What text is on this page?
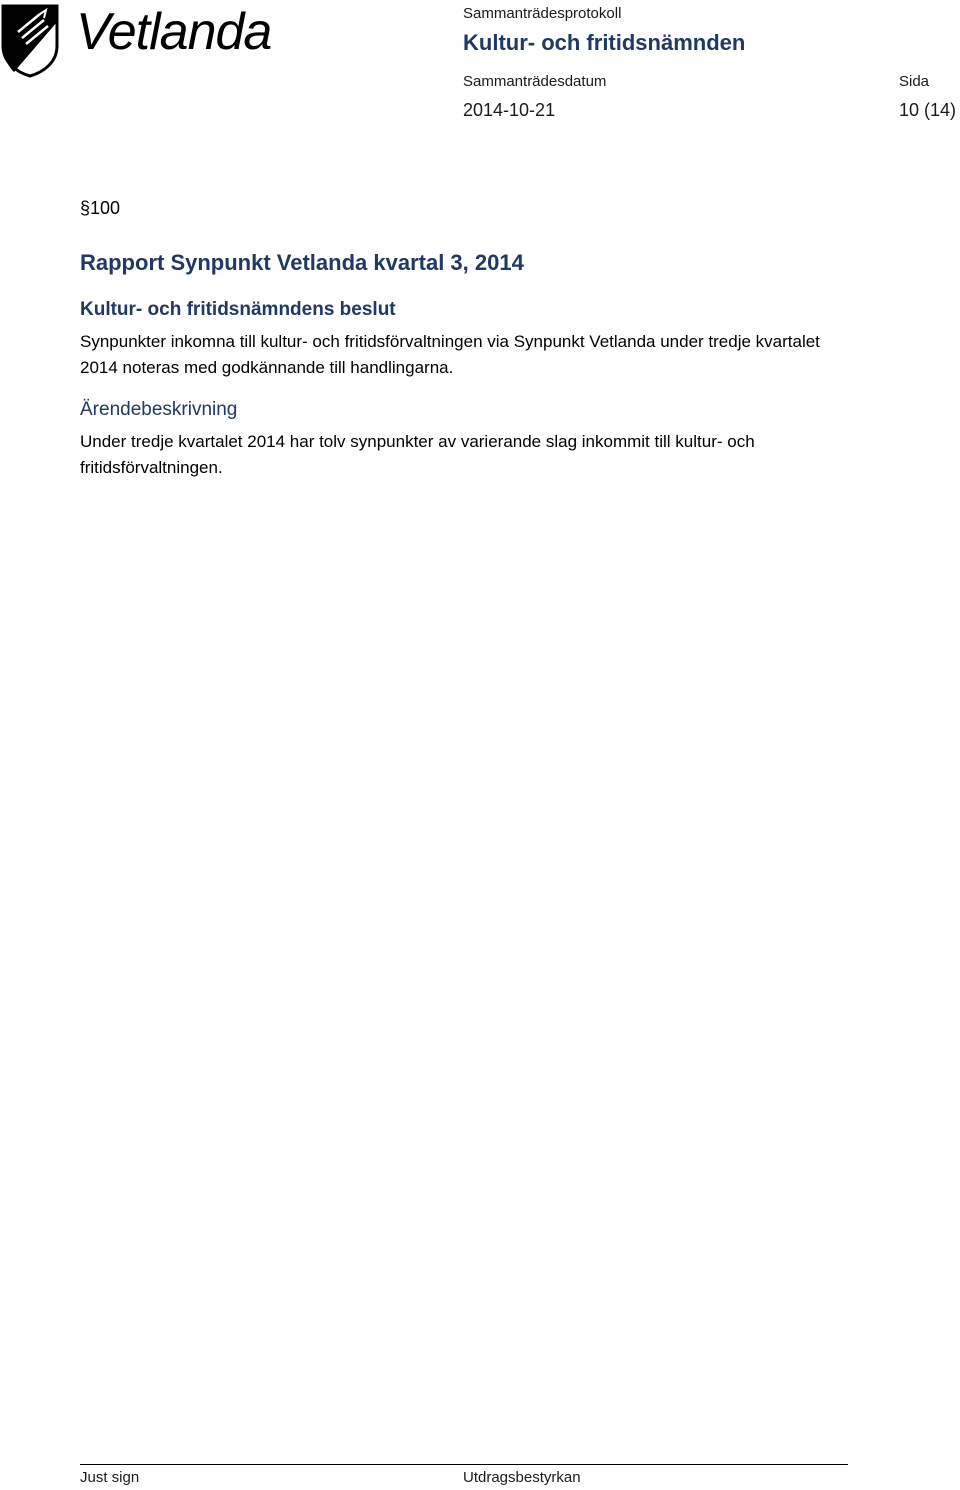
Vetlanda	Sammanträdesprotokoll
Kultur- och fritidsnämnden
Sammanträdesdatum	Sida
2014-10-21	10 (14)
§100
Rapport Synpunkt Vetlanda kvartal 3, 2014
Kultur- och fritidsnämndens beslut
Synpunkter inkomna till kultur- och fritidsförvaltningen via Synpunkt Vetlanda under tredje kvartalet 2014 noteras med godkännande till handlingarna.
Ärendebeskrivning
Under tredje kvartalet 2014 har tolv synpunkter av varierande slag inkommit till kultur- och fritidsförvaltningen.
Just sign	Utdragsbestyrkan
